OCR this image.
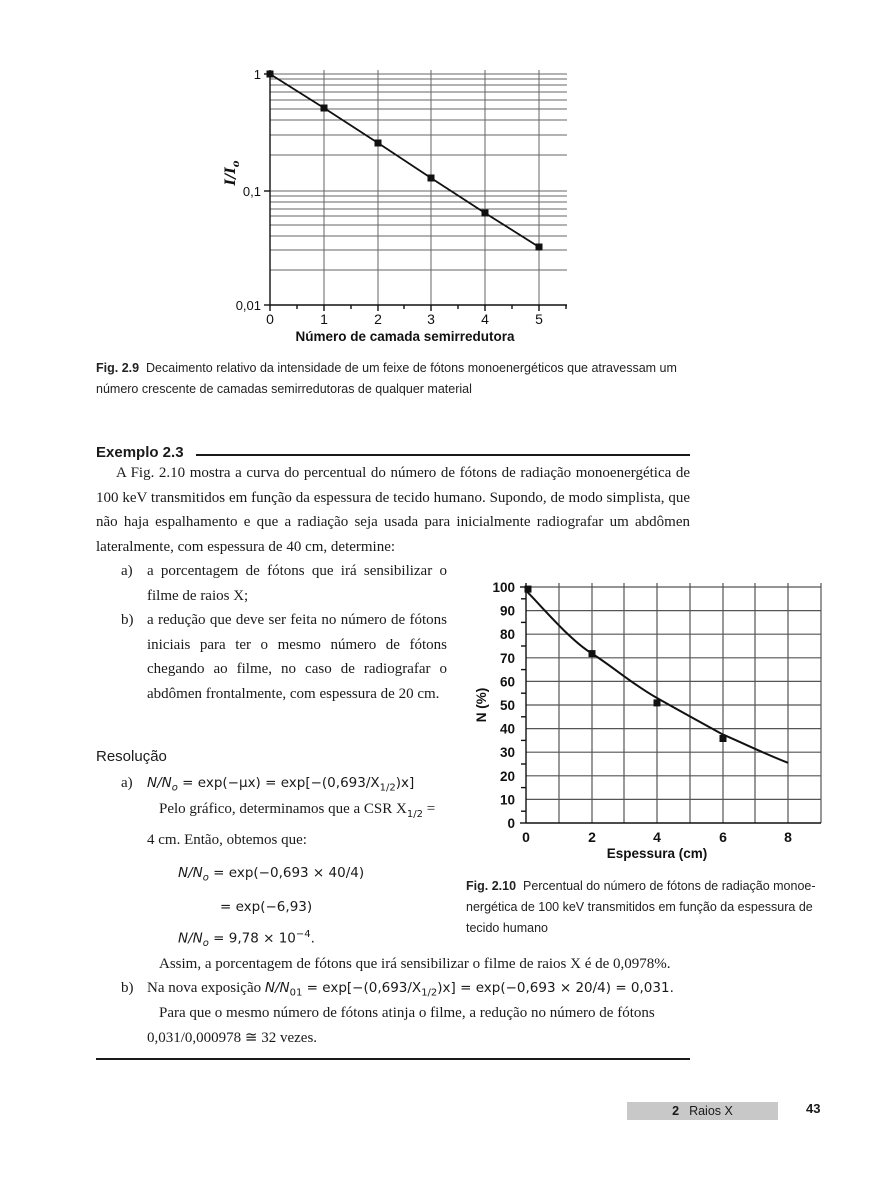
1
0,1
0,01
0	1	2	3	4	5
Número de camada semirredutora
$I/I_o$
Fig. 2.9 Decaimento relativo da intensidade de um feixe de fótons monoenergéticos que atravessam um
número crescente de camadas semirredutoras de qualquer material
Exemplo 2.3
A Fig. 2.10 mostra a curva do percentual do número de fótons de radiação monoenergética de 100 keV transmitidos em função da espessura de tecido humano. Supondo, de modo simplista, que não haja espalhamento e que a radiação seja usada para inicialmente radiografar um abdômen lateralmente, com espessura de 40 cm, determine:
a) a porcentagem de fótons que irá sensibilizar o filme de raios X;
b) a redução que deve ser feita no número de fótons iniciais para ter o mesmo número de fótons chegando ao filme, no caso de radiografar o abdômen frontalmente, com espessura de 20 cm.
100
90
80
70
60
50
40
30
20
10
0
0	2	4	6	8
Espessura (cm)
N (%)
Fig. 2.10 Percentual do número de fótons de radiação monoe-
nergética de 100 keV transmitidos em função da espessura de
tecido humano
Resolução
a) $N/N_o = \exp(-\mu x) = \exp[-(0,693/X_{1/2})x]$
Pelo gráfico, determinamos que a CSR $X_{1/2}$ =
4 cm. Então, obtemos que:
$N/N_o = \exp(-0,693 \times 40/4)$
= exp(−6,93)
$N/N_o = 9,78 \times 10^{-4}$.
Assim, a porcentagem de fótons que irá sensibilizar o filme de raios X é de 0,0978%.
b) Na nova exposição $N/N_{01} = \exp[-(0,693/X_{1/2})x] = \exp(-0,693 \times 20/4) = 0,031$.
Para que o mesmo número de fótons atinja o filme, a redução no número de fótons
0,031/0,000978 ≅ 32 vezes.
2 Raios X	43
